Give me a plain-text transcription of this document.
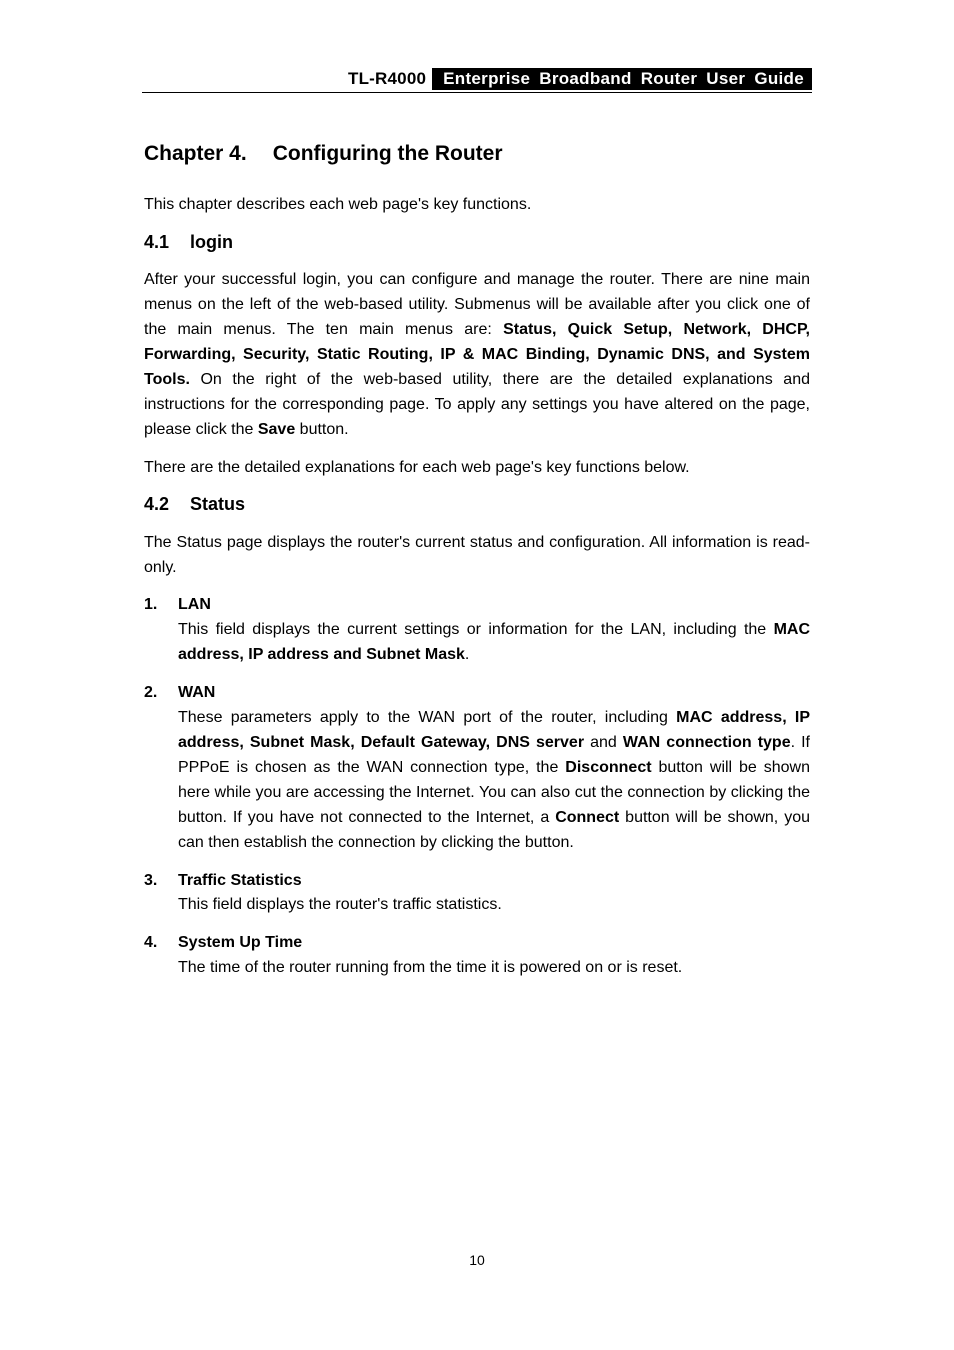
TL-R4000 Enterprise Broadband Router User Guide
Chapter 4. Configuring the Router

This chapter describes each web page's key functions.

4.1 login

After your successful login, you can configure and manage the router. There are nine main menus on the left of the web-based utility. Submenus will be available after you click one of the main menus. The ten main menus are: Status, Quick Setup, Network, DHCP, Forwarding, Security, Static Routing, IP & MAC Binding, Dynamic DNS, and System Tools. On the right of the web-based utility, there are the detailed explanations and instructions for the corresponding page. To apply any settings you have altered on the page, please click the Save button.

There are the detailed explanations for each web page's key functions below.

4.2 Status

The Status page displays the router's current status and configuration. All information is read-only.

1. LAN

This field displays the current settings or information for the LAN, including the MAC address, IP address and Subnet Mask.

2. WAN

These parameters apply to the WAN port of the router, including MAC address, IP address, Subnet Mask, Default Gateway, DNS server and WAN connection type. If PPPoE is chosen as the WAN connection type, the Disconnect button will be shown here while you are accessing the Internet. You can also cut the connection by clicking the button. If you have not connected to the Internet, a Connect button will be shown, you can then establish the connection by clicking the button.

3. Traffic Statistics

This field displays the router's traffic statistics.

4. System Up Time

The time of the router running from the time it is powered on or is reset.

10
